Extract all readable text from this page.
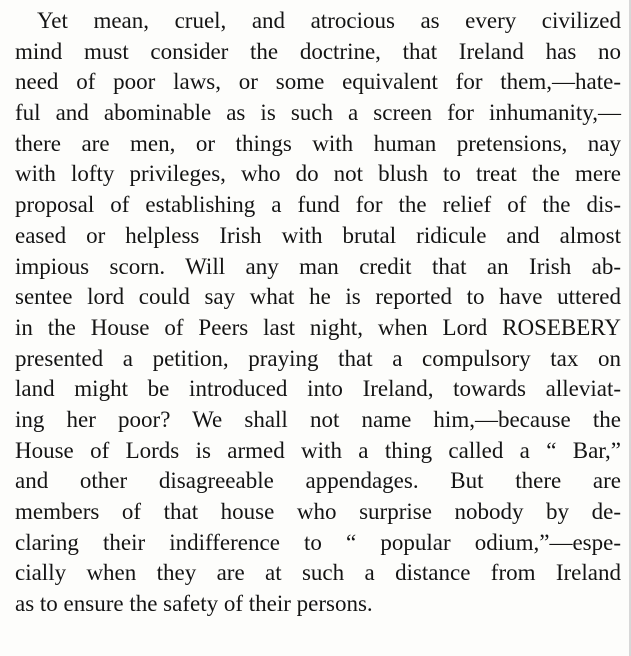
Yet mean, cruel, and atrocious as every civilized
mind must consider the doctrine, that Ireland has no
need of poor laws, or some equivalent for them,—hate-
ful and abominable as is such a screen for inhumanity,—
there are men, or things with human pretensions, nay
with lofty privileges, who do not blush to treat the mere
proposal of establishing a fund for the relief of the dis-
eased or helpless Irish with brutal ridicule and almost
impious scorn. Will any man credit that an Irish ab-
sentee lord could say what he is reported to have uttered
in the House of Peers last night, when Lord ROSEBERY
presented a petition, praying that a compulsory tax on
land might be introduced into Ireland, towards alleviat-
ing her poor? We shall not name him,—because the
House of Lords is armed with a thing called a “ Bar,”
and other disagreeable appendages. But there are
members of that house who surprise nobody by de-
claring their indifference to “ popular odium,”—espe-
cially when they are at such a distance from Ireland
as to ensure the safety of their persons.
